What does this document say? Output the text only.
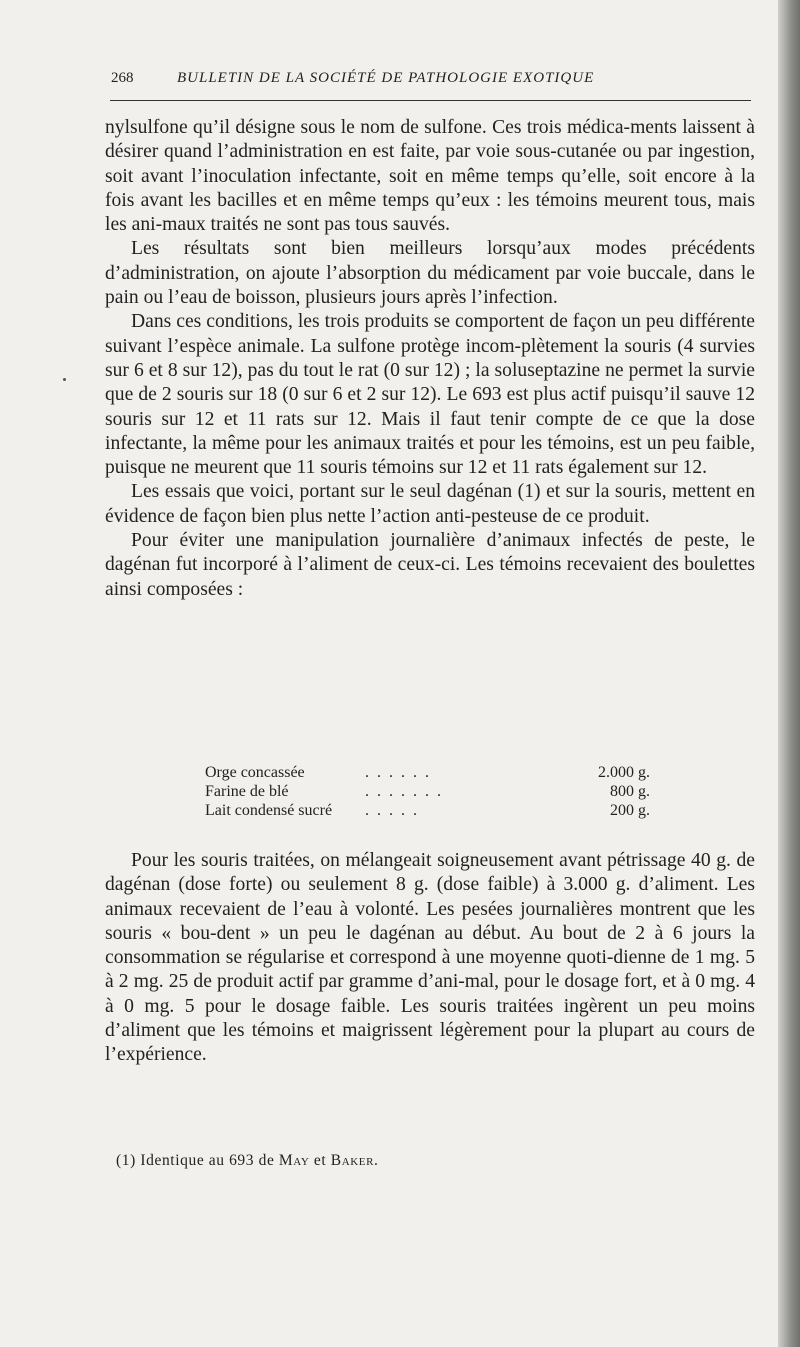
268	BULLETIN DE LA SOCIÉTÉ DE PATHOLOGIE EXOTIQUE

nylsulfone qu’il désigne sous le nom de sulfone. Ces trois médica-ments laissent à désirer quand l’administration en est faite, par voie sous-cutanée ou par ingestion, soit avant l’inoculation infectante, soit en même temps qu’elle, soit encore à la fois avant les bacilles et en même temps qu’eux : les témoins meurent tous, mais les ani-maux traités ne sont pas tous sauvés.

Les résultats sont bien meilleurs lorsqu’aux modes précédents d’administration, on ajoute l’absorption du médicament par voie buccale, dans le pain ou l’eau de boisson, plusieurs jours après l’infection.

Dans ces conditions, les trois produits se comportent de façon un peu différente suivant l’espèce animale. La sulfone protège incom-plètement la souris (4 survies sur 6 et 8 sur 12), pas du tout le rat (0 sur 12) ; la soluseptazine ne permet la survie que de 2 souris sur 18 (0 sur 6 et 2 sur 12). Le 693 est plus actif puisqu’il sauve 12 souris sur 12 et 11 rats sur 12. Mais il faut tenir compte de ce que la dose infectante, la même pour les animaux traités et pour les témoins, est un peu faible, puisque ne meurent que 11 souris témoins sur 12 et 11 rats également sur 12.

Les essais que voici, portant sur le seul dagénan (1) et sur la souris, mettent en évidence de façon bien plus nette l’action anti-pesteuse de ce produit.

Pour éviter une manipulation journalière d’animaux infectés de peste, le dagénan fut incorporé à l’aliment de ceux-ci. Les témoins recevaient des boulettes ainsi composées :

Orge concassée	......	2.000 g.
Farine de blé	.......	800 g.
Lait condensé sucré .....	200 g.

Pour les souris traitées, on mélangeait soigneusement avant pétrissage 40 g. de dagénan (dose forte) ou seulement 8 g. (dose faible) à 3.000 g. d’aliment. Les animaux recevaient de l’eau à volonté. Les pesées journalières montrent que les souris « bou-dent » un peu le dagénan au début. Au bout de 2 à 6 jours la consommation se régularise et correspond à une moyenne quoti-dienne de 1 mg. 5 à 2 mg. 25 de produit actif par gramme d’ani-mal, pour le dosage fort, et à 0 mg. 4 à 0 mg. 5 pour le dosage faible. Les souris traitées ingèrent un peu moins d’aliment que les témoins et maigrissent légèrement pour la plupart au cours de l’expérience.

(1) Identique au 693 de May et Baker.
